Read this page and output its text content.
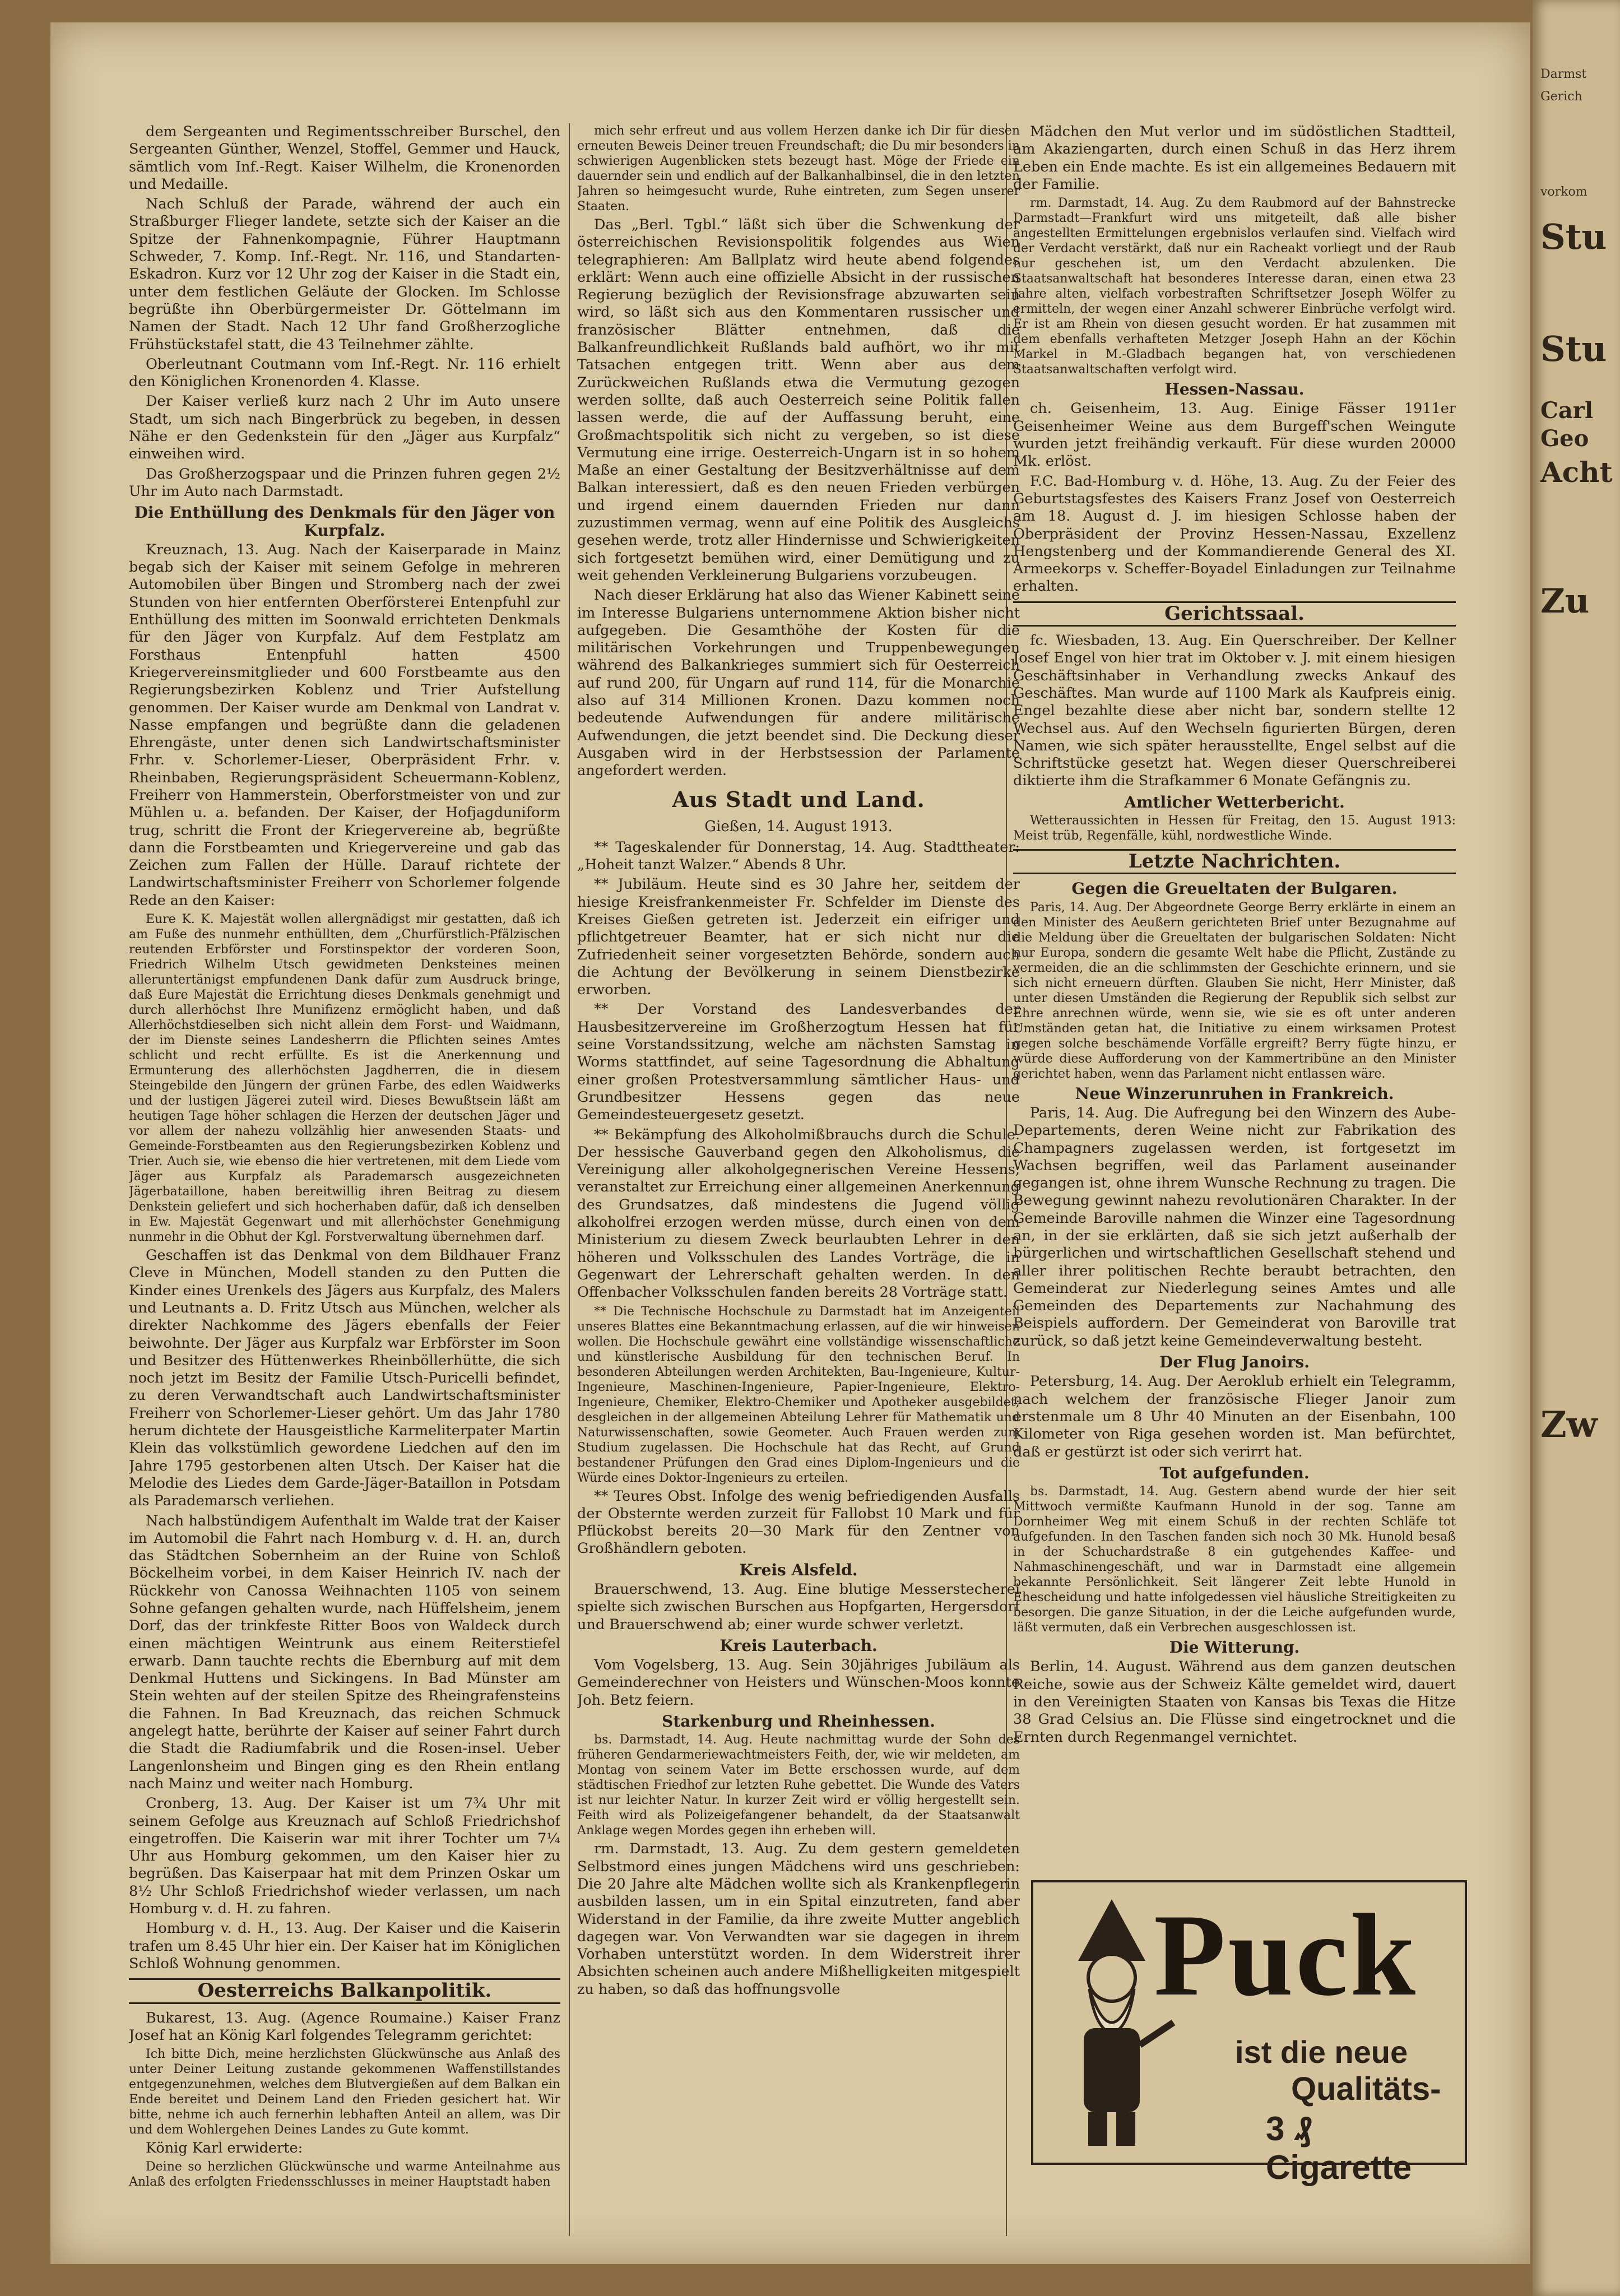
Darmst
Gerich
vorkom
Stu
Stu
Carl
Geo
Acht
Zu
Zw

dem Sergeanten und Regimentsschreiber Burschel, den Sergeanten Günther, Wenzel, Stoffel, Gemmer und Hauck, sämtlich vom Inf.-Regt. Kaiser Wilhelm, die Kronenorden und Medaille.

Nach Schluß der Parade, während der auch ein Straßburger Flieger landete, setzte sich der Kaiser an die Spitze der Fahnenkompagnie, Führer Hauptmann Schweder, 7. Komp. Inf.-Regt. Nr. 116, und Standarten-Eskadron. Kurz vor 12 Uhr zog der Kaiser in die Stadt ein, unter dem festlichen Geläute der Glocken. Im Schlosse begrüßte ihn Oberbürgermeister Dr. Göttelmann im Namen der Stadt. Nach 12 Uhr fand Großherzogliche Frühstückstafel statt, die 43 Teilnehmer zählte.

Oberleutnant Coutmann vom Inf.-Regt. Nr. 116 erhielt den Königlichen Kronenorden 4. Klasse.

Der Kaiser verließ kurz nach 2 Uhr im Auto unsere Stadt, um sich nach Bingerbrück zu begeben, in dessen Nähe er den Gedenkstein für den „Jäger aus Kurpfalz“ einweihen wird.

Das Großherzogspaar und die Prinzen fuhren gegen 2½ Uhr im Auto nach Darmstadt.

Die Enthüllung des Denkmals für den Jäger von Kurpfalz.

Kreuznach, 13. Aug. Nach der Kaiserparade in Mainz begab sich der Kaiser mit seinem Gefolge in mehreren Automobilen über Bingen und Stromberg nach der zwei Stunden von hier entfernten Oberförsterei Entenpfuhl zur Enthüllung des mitten im Soonwald errichteten Denkmals für den Jäger von Kurpfalz. Auf dem Festplatz am Forsthaus Entenpfuhl hatten 4500 Kriegervereinsmitglieder und 600 Forstbeamte aus den Regierungsbezirken Koblenz und Trier Aufstellung genommen. Der Kaiser wurde am Denkmal von Landrat v. Nasse empfangen und begrüßte dann die geladenen Ehrengäste, unter denen sich Landwirtschaftsminister Frhr. v. Schorlemer-Lieser, Oberpräsident Frhr. v. Rheinbaben, Regierungspräsident Scheuermann-Koblenz, Freiherr von Hammerstein, Oberforstmeister von und zur Mühlen u. a. befanden. Der Kaiser, der Hofjagduniform trug, schritt die Front der Kriegervereine ab, begrüßte dann die Forstbeamten und Kriegervereine und gab das Zeichen zum Fallen der Hülle. Darauf richtete der Landwirtschaftsminister Freiherr von Schorlemer folgende Rede an den Kaiser:

Eure K. K. Majestät wollen allergnädigst mir gestatten, daß ich am Fuße des nunmehr enthüllten, dem „Churfürstlich-Pfälzischen reutenden Erbförster und Forstinspektor der vorderen Soon, Friedrich Wilhelm Utsch gewidmeten Denksteines meinen alleruntertänigst empfundenen Dank dafür zum Ausdruck bringe, daß Eure Majestät die Errichtung dieses Denkmals genehmigt und durch allerhöchst Ihre Munifizenz ermöglicht haben, und daß Allerhöchstdieselben sich nicht allein dem Forst- und Waidmann, der im Dienste seines Landesherrn die Pflichten seines Amtes schlicht und recht erfüllte. Es ist die Anerkennung und Ermunterung des allerhöchsten Jagdherren, die in diesem Steingebilde den Jüngern der grünen Farbe, des edlen Waidwerks und der lustigen Jägerei zuteil wird. Dieses Bewußtsein läßt am heutigen Tage höher schlagen die Herzen der deutschen Jäger und vor allem der nahezu vollzählig hier anwesenden Staats- und Gemeinde-Forstbeamten aus den Regierungsbezirken Koblenz und Trier. Auch sie, wie ebenso die hier vertretenen, mit dem Liede vom Jäger aus Kurpfalz als Parademarsch ausgezeichneten Jägerbataillone, haben bereitwillig ihren Beitrag zu diesem Denkstein geliefert und sich hocherhaben dafür, daß ich denselben in Ew. Majestät Gegenwart und mit allerhöchster Genehmigung nunmehr in die Obhut der Kgl. Forstverwaltung übernehmen darf.

Geschaffen ist das Denkmal von dem Bildhauer Franz Cleve in München, Modell standen zu den Putten die Kinder eines Urenkels des Jägers aus Kurpfalz, des Malers und Leutnants a. D. Fritz Utsch aus München, welcher als direkter Nachkomme des Jägers ebenfalls der Feier beiwohnte. Der Jäger aus Kurpfalz war Erbförster im Soon und Besitzer des Hüttenwerkes Rheinböllerhütte, die sich noch jetzt im Besitz der Familie Utsch-Puricelli befindet, zu deren Verwandtschaft auch Landwirtschaftsminister Freiherr von Schorlemer-Lieser gehört. Um das Jahr 1780 herum dichtete der Hausgeistliche Karmeliterpater Martin Klein das volkstümlich gewordene Liedchen auf den im Jahre 1795 gestorbenen alten Utsch. Der Kaiser hat die Melodie des Liedes dem Garde-Jäger-Bataillon in Potsdam als Parademarsch verliehen.

Nach halbstündigem Aufenthalt im Walde trat der Kaiser im Automobil die Fahrt nach Homburg v. d. H. an, durch das Städtchen Sobernheim an der Ruine von Schloß Böckelheim vorbei, in dem Kaiser Heinrich IV. nach der Rückkehr von Canossa Weihnachten 1105 von seinem Sohne gefangen gehalten wurde, nach Hüffelsheim, jenem Dorf, das der trinkfeste Ritter Boos von Waldeck durch einen mächtigen Weintrunk aus einem Reiterstiefel erwarb. Dann tauchte rechts die Ebernburg auf mit dem Denkmal Huttens und Sickingens. In Bad Münster am Stein wehten auf der steilen Spitze des Rheingrafensteins die Fahnen. In Bad Kreuznach, das reichen Schmuck angelegt hatte, berührte der Kaiser auf seiner Fahrt durch die Stadt die Radiumfabrik und die Rosen-insel. Ueber Langenlonsheim und Bingen ging es den Rhein entlang nach Mainz und weiter nach Homburg.

Cronberg, 13. Aug. Der Kaiser ist um 7¾ Uhr mit seinem Gefolge aus Kreuznach auf Schloß Friedrichshof eingetroffen. Die Kaiserin war mit ihrer Tochter um 7¼ Uhr aus Homburg gekommen, um den Kaiser hier zu begrüßen. Das Kaiserpaar hat mit dem Prinzen Oskar um 8½ Uhr Schloß Friedrichshof wieder verlassen, um nach Homburg v. d. H. zu fahren.

Homburg v. d. H., 13. Aug. Der Kaiser und die Kaiserin trafen um 8.45 Uhr hier ein. Der Kaiser hat im Königlichen Schloß Wohnung genommen.

Oesterreichs Balkanpolitik.

Bukarest, 13. Aug. (Agence Roumaine.) Kaiser Franz Josef hat an König Karl folgendes Telegramm gerichtet:

Ich bitte Dich, meine herzlichsten Glückwünsche aus Anlaß des unter Deiner Leitung zustande gekommenen Waffenstillstandes entgegenzunehmen, welches dem Blutvergießen auf dem Balkan ein Ende bereitet und Deinem Land den Frieden gesichert hat. Wir bitte, nehme ich auch fernerhin lebhaften Anteil an allem, was Dir und dem Wohlergehen Deines Landes zu Gute kommt.

König Karl erwiderte:

Deine so herzlichen Glückwünsche und warme Anteilnahme aus Anlaß des erfolgten Friedensschlusses in meiner Hauptstadt haben

mich sehr erfreut und aus vollem Herzen danke ich Dir für diesen erneuten Beweis Deiner treuen Freundschaft; die Du mir besonders in schwierigen Augenblicken stets bezeugt hast. Möge der Friede ein dauernder sein und endlich auf der Balkanhalbinsel, die in den letzten Jahren so heimgesucht wurde, Ruhe eintreten, zum Segen unserer Staaten.

Das „Berl. Tgbl.“ läßt sich über die Schwenkung der österreichischen Revisionspolitik folgendes aus Wien telegraphieren: Am Ballplatz wird heute abend folgendes erklärt: Wenn auch eine offizielle Absicht in der russischen Regierung bezüglich der Revisionsfrage abzuwarten sein wird, so läßt sich aus den Kommentaren russischer und französischer Blätter entnehmen, daß die Balkanfreundlichkeit Rußlands bald aufhört, wo ihr mit Tatsachen entgegen tritt. Wenn aber aus dem Zurückweichen Rußlands etwa die Vermutung gezogen werden sollte, daß auch Oesterreich seine Politik fallen lassen werde, die auf der Auffassung beruht, eine Großmachtspolitik sich nicht zu vergeben, so ist diese Vermutung eine irrige. Oesterreich-Ungarn ist in so hohem Maße an einer Gestaltung der Besitzverhältnisse auf dem Balkan interessiert, daß es den neuen Frieden verbürgen und irgend einem dauernden Frieden nur dann zuzustimmen vermag, wenn auf eine Politik des Ausgleichs gesehen werde, trotz aller Hindernisse und Schwierigkeiten sich fortgesetzt bemühen wird, einer Demütigung und zu weit gehenden Verkleinerung Bulgariens vorzubeugen.

Nach dieser Erklärung hat also das Wiener Kabinett seine im Interesse Bulgariens unternommene Aktion bisher nicht aufgegeben. Die Gesamthöhe der Kosten für die militärischen Vorkehrungen und Truppenbewegungen während des Balkankrieges summiert sich für Oesterreich auf rund 200, für Ungarn auf rund 114, für die Monarchie also auf 314 Millionen Kronen. Dazu kommen noch bedeutende Aufwendungen für andere militärische Aufwendungen, die jetzt beendet sind. Die Deckung dieser Ausgaben wird in der Herbstsession der Parlamente angefordert werden.

Aus Stadt und Land.
Gießen, 14. August 1913.

** Tageskalender für Donnerstag, 14. Aug. Stadttheater: „Hoheit tanzt Walzer.“ Abends 8 Uhr.

** Jubiläum. Heute sind es 30 Jahre her, seitdem der hiesige Kreisfrankenmeister Fr. Schfelder im Dienste des Kreises Gießen getreten ist. Jederzeit ein eifriger und pflichtgetreuer Beamter, hat er sich nicht nur die Zufriedenheit seiner vorgesetzten Behörde, sondern auch die Achtung der Bevölkerung in seinem Dienstbezirke erworben.

** Der Vorstand des Landesverbandes der Hausbesitzervereine im Großherzogtum Hessen hat für seine Vorstandssitzung, welche am nächsten Samstag in Worms stattfindet, auf seine Tagesordnung die Abhaltung einer großen Protestversammlung sämtlicher Haus- und Grundbesitzer Hessens gegen das neue Gemeindesteuergesetz gesetzt.

** Bekämpfung des Alkoholmißbrauchs durch die Schule. Der hessische Gauverband gegen den Alkoholismus, die Vereinigung aller alkoholgegnerischen Vereine Hessens, veranstaltet zur Erreichung einer allgemeinen Anerkennung des Grundsatzes, daß mindestens die Jugend völlig alkoholfrei erzogen werden müsse, durch einen von dem Ministerium zu diesem Zweck beurlaubten Lehrer in den höheren und Volksschulen des Landes Vorträge, die in Gegenwart der Lehrerschaft gehalten werden. In den Offenbacher Volksschulen fanden bereits 28 Vorträge statt.

** Die Technische Hochschule zu Darmstadt hat im Anzeigenteil unseres Blattes eine Bekanntmachung erlassen, auf die wir hinweisen wollen. Die Hochschule gewährt eine vollständige wissenschaftliche und künstlerische Ausbildung für den technischen Beruf. In besonderen Abteilungen werden Architekten, Bau-Ingenieure, Kultur-Ingenieure, Maschinen-Ingenieure, Papier-Ingenieure, Elektro-Ingenieure, Chemiker, Elektro-Chemiker und Apotheker ausgebildet; desgleichen in der allgemeinen Abteilung Lehrer für Mathematik und Naturwissenschaften, sowie Geometer. Auch Frauen werden zum Studium zugelassen. Die Hochschule hat das Recht, auf Grund bestandener Prüfungen den Grad eines Diplom-Ingenieurs und die Würde eines Doktor-Ingenieurs zu erteilen.

** Teures Obst. Infolge des wenig befriedigenden Ausfalls der Obsternte werden zurzeit für Fallobst 10 Mark und für Pflückobst bereits 20—30 Mark für den Zentner von Großhändlern geboten.

Kreis Alsfeld.

Brauerschwend, 13. Aug. Eine blutige Messerstecherei spielte sich zwischen Burschen aus Hopfgarten, Hergersdorf und Brauerschwend ab; einer wurde schwer verletzt.

Kreis Lauterbach.

Vom Vogelsberg, 13. Aug. Sein 30jähriges Jubiläum als Gemeinderechner von Heisters und Wünschen-Moos konnte Joh. Betz feiern.

Starkenburg und Rheinhessen.

bs. Darmstadt, 14. Aug. Heute nachmittag wurde der Sohn des früheren Gendarmeriewachtmeisters Feith, der, wie wir meldeten, am Montag von seinem Vater im Bette erschossen wurde, auf dem städtischen Friedhof zur letzten Ruhe gebettet. Die Wunde des Vaters ist nur leichter Natur. In kurzer Zeit wird er völlig hergestellt sein. Feith wird als Polizeigefangener behandelt, da der Staatsanwalt Anklage wegen Mordes gegen ihn erheben will.

rm. Darmstadt, 13. Aug. Zu dem gestern gemeldeten Selbstmord eines jungen Mädchens wird uns geschrieben: Die 20 Jahre alte Mädchen wollte sich als Krankenpflegerin ausbilden lassen, um in ein Spital einzutreten, fand aber Widerstand in der Familie, da ihre zweite Mutter angeblich dagegen war. Von Verwandten war sie dagegen in ihrem Vorhaben unterstützt worden. In dem Widerstreit ihrer Absichten scheinen auch andere Mißhelligkeiten mitgespielt zu haben, so daß das hoffnungsvolle

Mädchen den Mut verlor und im südöstlichen Stadtteil, am Akaziengarten, durch einen Schuß in das Herz ihrem Leben ein Ende machte. Es ist ein allgemeines Bedauern mit der Familie.

rm. Darmstadt, 14. Aug. Zu dem Raubmord auf der Bahnstrecke Darmstadt—Frankfurt wird uns mitgeteilt, daß alle bisher angestellten Ermittelungen ergebnislos verlaufen sind. Vielfach wird der Verdacht verstärkt, daß nur ein Racheakt vorliegt und der Raub nur geschehen ist, um den Verdacht abzulenken. Die Staatsanwaltschaft hat besonderes Interesse daran, einen etwa 23 Jahre alten, vielfach vorbestraften Schriftsetzer Joseph Wölfer zu ermitteln, der wegen einer Anzahl schwerer Einbrüche verfolgt wird. Er ist am Rhein von diesen gesucht worden. Er hat zusammen mit dem ebenfalls verhafteten Metzger Joseph Hahn an der Köchin Markel in M.-Gladbach begangen hat, von verschiedenen Staatsanwaltschaften verfolgt wird.

Hessen-Nassau.

ch. Geisenheim, 13. Aug. Einige Fässer 1911er Geisenheimer Weine aus dem Burgeff'schen Weingute wurden jetzt freihändig verkauft. Für diese wurden 20000 Mk. erlöst.

F.C. Bad-Homburg v. d. Höhe, 13. Aug. Zu der Feier des Geburtstagsfestes des Kaisers Franz Josef von Oesterreich am 18. August d. J. im hiesigen Schlosse haben der Oberpräsident der Provinz Hessen-Nassau, Exzellenz Hengstenberg und der Kommandierende General des XI. Armeekorps v. Scheffer-Boyadel Einladungen zur Teilnahme erhalten.

Gerichtssaal.

fc. Wiesbaden, 13. Aug. Ein Querschreiber. Der Kellner Josef Engel von hier trat im Oktober v. J. mit einem hiesigen Geschäftsinhaber in Verhandlung zwecks Ankauf des Geschäftes. Man wurde auf 1100 Mark als Kaufpreis einig. Engel bezahlte diese aber nicht bar, sondern stellte 12 Wechsel aus. Auf den Wechseln figurierten Bürgen, deren Namen, wie sich später herausstellte, Engel selbst auf die Schriftstücke gesetzt hat. Wegen dieser Querschreiberei diktierte ihm die Strafkammer 6 Monate Gefängnis zu.

Amtlicher Wetterbericht.

Wetteraussichten in Hessen für Freitag, den 15. August 1913: Meist trüb, Regenfälle, kühl, nordwestliche Winde.

Letzte Nachrichten.
Gegen die Greueltaten der Bulgaren.

Paris, 14. Aug. Der Abgeordnete George Berry erklärte in einem an den Minister des Aeußern gerichteten Brief unter Bezugnahme auf die Meldung über die Greueltaten der bulgarischen Soldaten: Nicht nur Europa, sondern die gesamte Welt habe die Pflicht, Zustände zu vermeiden, die an die schlimmsten der Geschichte erinnern, und sie sich nicht erneuern dürften. Glauben Sie nicht, Herr Minister, daß unter diesen Umständen die Regierung der Republik sich selbst zur Ehre anrechnen würde, wenn sie, wie sie es oft unter anderen Umständen getan hat, die Initiative zu einem wirksamen Protest gegen solche beschämende Vorfälle ergreift? Berry fügte hinzu, er würde diese Aufforderung von der Kammertribüne an den Minister gerichtet haben, wenn das Parlament nicht entlassen wäre.

Neue Winzerunruhen in Frankreich.

Paris, 14. Aug. Die Aufregung bei den Winzern des Aube-Departements, deren Weine nicht zur Fabrikation des Champagners zugelassen werden, ist fortgesetzt im Wachsen begriffen, weil das Parlament auseinander gegangen ist, ohne ihrem Wunsche Rechnung zu tragen. Die Bewegung gewinnt nahezu revolutionären Charakter. In der Gemeinde Baroville nahmen die Winzer eine Tagesordnung an, in der sie erklärten, daß sie sich jetzt außerhalb der bürgerlichen und wirtschaftlichen Gesellschaft stehend und aller ihrer politischen Rechte beraubt betrachten, den Gemeinderat zur Niederlegung seines Amtes und alle Gemeinden des Departements zur Nachahmung des Beispiels auffordern. Der Gemeinderat von Baroville trat zurück, so daß jetzt keine Gemeindeverwaltung besteht.

Der Flug Janoirs.

Petersburg, 14. Aug. Der Aeroklub erhielt ein Telegramm, nach welchem der französische Flieger Janoir zum erstenmale um 8 Uhr 40 Minuten an der Eisenbahn, 100 Kilometer von Riga gesehen worden ist. Man befürchtet, daß er gestürzt ist oder sich verirrt hat.

Tot aufgefunden.

bs. Darmstadt, 14. Aug. Gestern abend wurde der hier seit Mittwoch vermißte Kaufmann Hunold in der sog. Tanne am Dornheimer Weg mit einem Schuß in der rechten Schläfe tot aufgefunden. In den Taschen fanden sich noch 30 Mk. Hunold besaß in der Schuchardstraße 8 ein gutgehendes Kaffee- und Nahmaschinengeschäft, und war in Darmstadt eine allgemein bekannte Persönlichkeit. Seit längerer Zeit lebte Hunold in Ehescheidung und hatte infolgedessen viel häusliche Streitigkeiten zu besorgen. Die ganze Situation, in der die Leiche aufgefunden wurde, läßt vermuten, daß ein Verbrechen ausgeschlossen ist.

Die Witterung.

Berlin, 14. August. Während aus dem ganzen deutschen Reiche, sowie aus der Schweiz Kälte gemeldet wird, dauert in den Vereinigten Staaten von Kansas bis Texas die Hitze 38 Grad Celsius an. Die Flüsse sind eingetrocknet und die Ernten durch Regenmangel vernichtet.

Puck
ist die neue
Qualitäts-
3 ₰ Cigarette
